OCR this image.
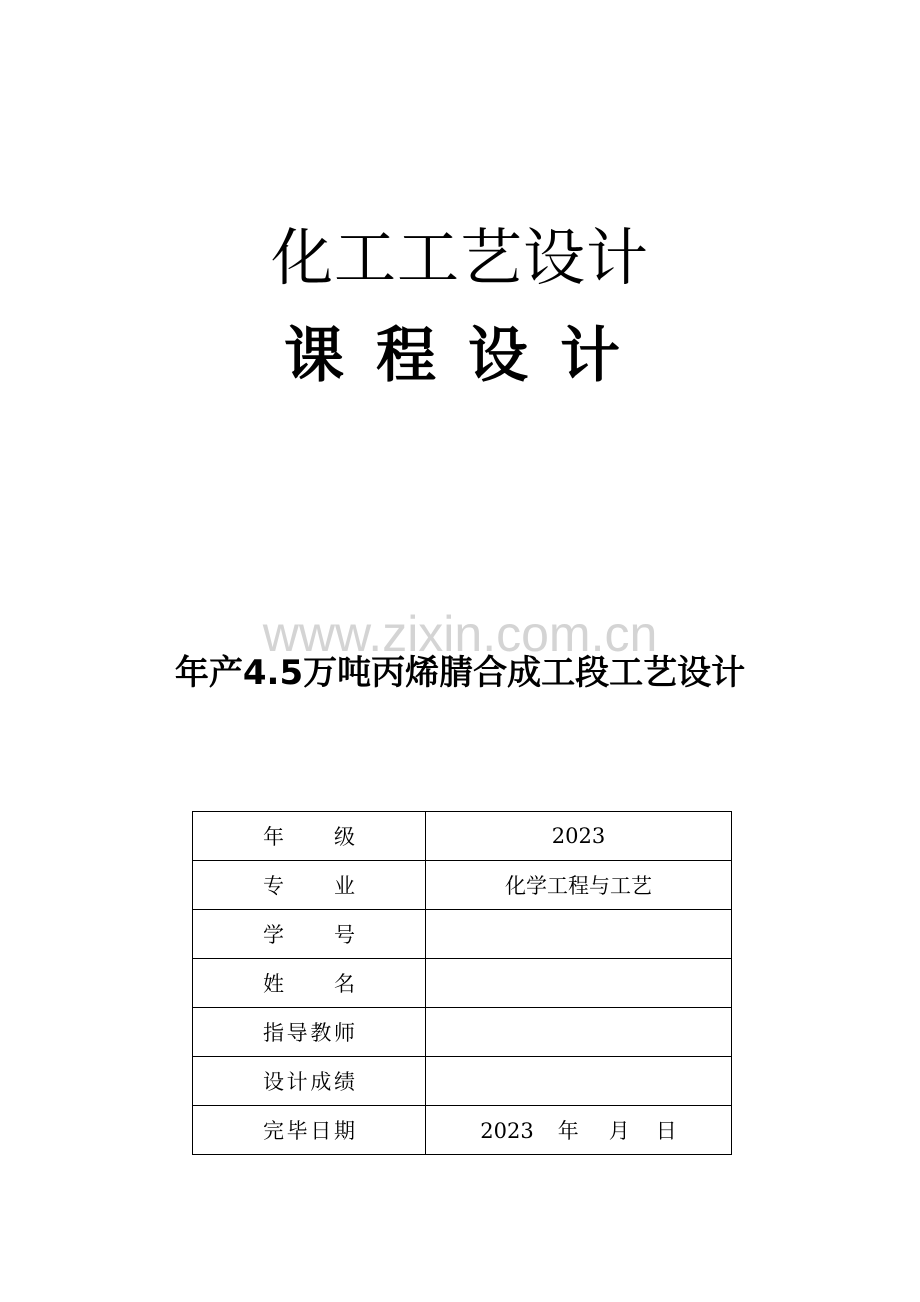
化工工艺设计
课程设计
www.zixin.com.cn
年产4.5万吨丙烯腈合成工段工艺设计
年级	2023
专业	化学工程与工艺
学号	
姓名	
指导教师	
设计成绩	
完毕日期	2023 年 月 日
